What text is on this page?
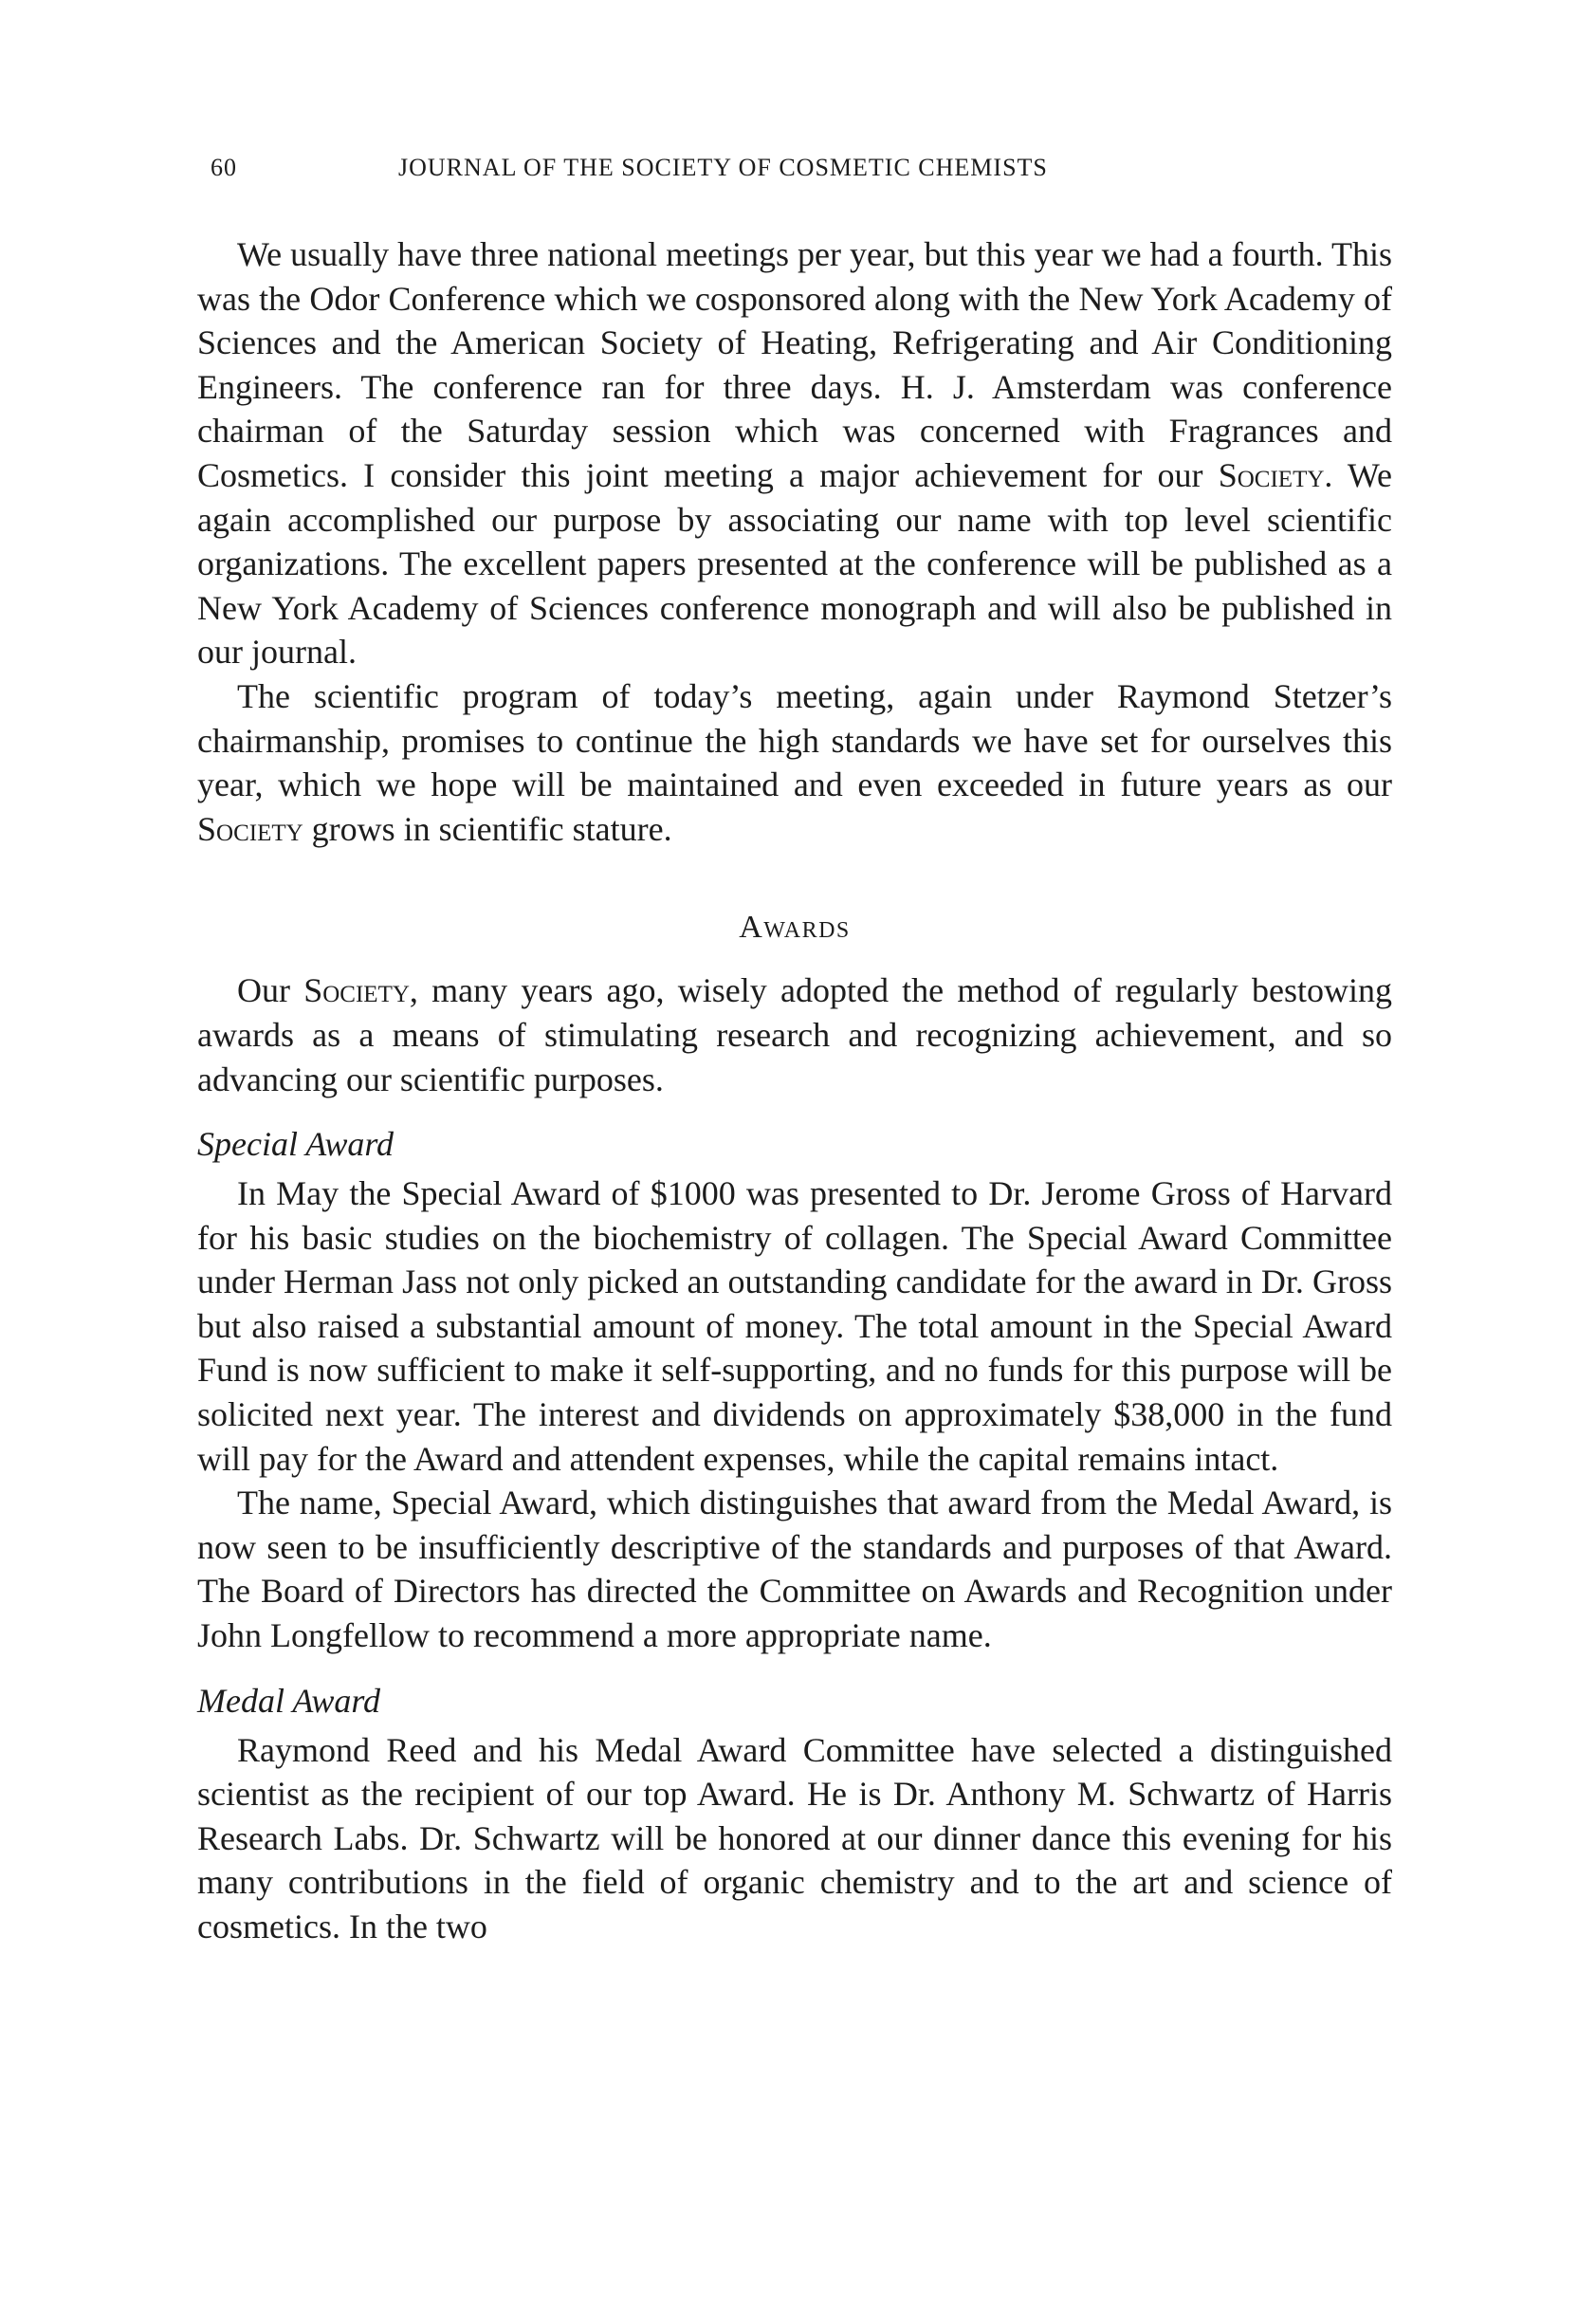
60	JOURNAL OF THE SOCIETY OF COSMETIC CHEMISTS

We usually have three national meetings per year, but this year we had a fourth. This was the Odor Conference which we cosponsored along with the New York Academy of Sciences and the American Society of Heating, Refrigerating and Air Conditioning Engineers. The conference ran for three days. H. J. Amsterdam was conference chairman of the Saturday session which was concerned with Fragrances and Cosmetics. I consider this joint meeting a major achievement for our Society. We again accomplished our purpose by associating our name with top level scientific organizations. The excellent papers presented at the conference will be published as a New York Academy of Sciences conference monograph and will also be published in our journal.

The scientific program of today’s meeting, again under Raymond Stetzer’s chairmanship, promises to continue the high standards we have set for ourselves this year, which we hope will be maintained and even exceeded in future years as our Society grows in scientific stature.

Awards

Our Society, many years ago, wisely adopted the method of regularly bestowing awards as a means of stimulating research and recognizing achievement, and so advancing our scientific purposes.

Special Award

In May the Special Award of $1000 was presented to Dr. Jerome Gross of Harvard for his basic studies on the biochemistry of collagen. The Special Award Committee under Herman Jass not only picked an outstanding candidate for the award in Dr. Gross but also raised a substantial amount of money. The total amount in the Special Award Fund is now sufficient to make it self-supporting, and no funds for this purpose will be solicited next year. The interest and dividends on approximately $38,000 in the fund will pay for the Award and attendent expenses, while the capital remains intact.

The name, Special Award, which distinguishes that award from the Medal Award, is now seen to be insufficiently descriptive of the standards and purposes of that Award. The Board of Directors has directed the Committee on Awards and Recognition under John Longfellow to recommend a more appropriate name.

Medal Award

Raymond Reed and his Medal Award Committee have selected a distinguished scientist as the recipient of our top Award. He is Dr. Anthony M. Schwartz of Harris Research Labs. Dr. Schwartz will be honored at our dinner dance this evening for his many contributions in the field of organic chemistry and to the art and science of cosmetics. In the two
